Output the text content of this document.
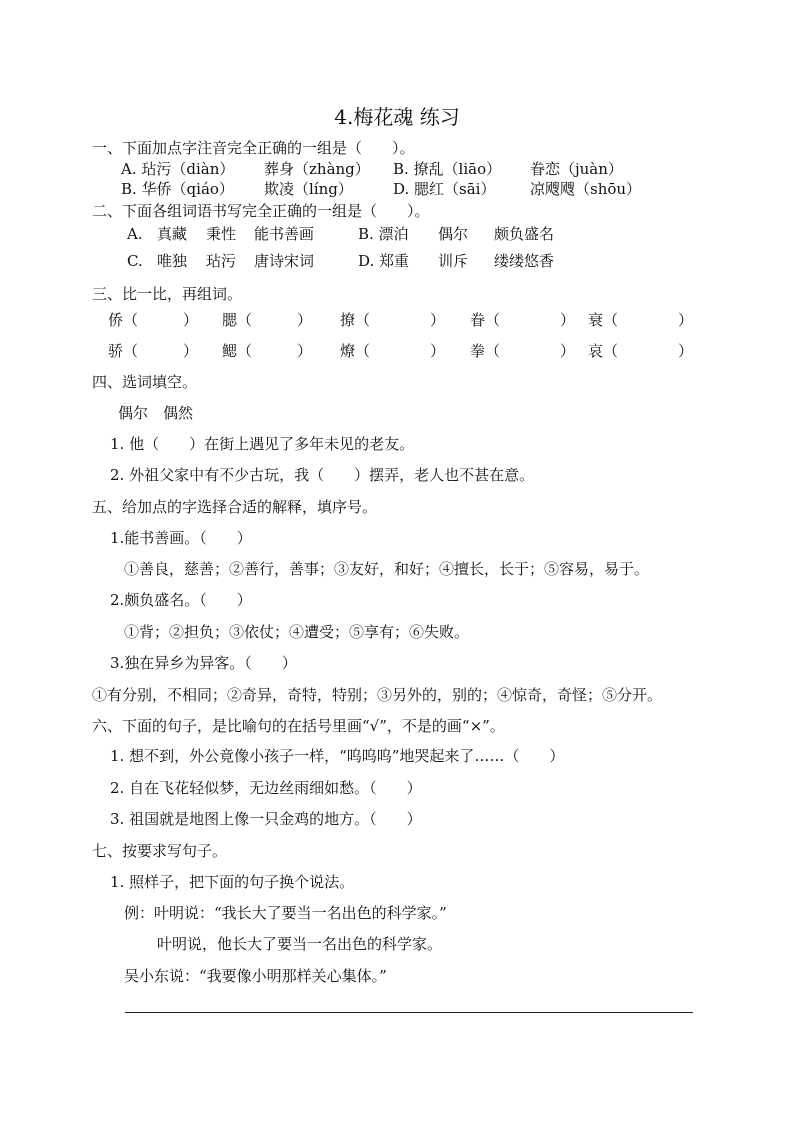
4.梅花魂 练习
一、下面加点字注音完全正确的一组是（　　）。
A. 玷污（diàn） 葬身（zhàng） B. 撩乱（liāo） 眷恋（juàn）
B. 华侨（qiáo） 欺凌（líng）	D. 腮红（sāi） 凉飕飕（shōu）
二、下面各组词语书写完全正确的一组是（　　）。
A. 真藏 秉性 能书善画	B. 漂泊 偶尔 颇负盛名
C. 唯独 玷污 唐诗宋词	D. 郑重 训斥 缕缕悠香
三、比一比，再组词。
侨（　　　） 腮（　　　） 撩（　　　　） 眷（　　　　） 衰（　　　　）
骄（　　　） 鳃（　　　） 燎（　　　　） 拳（　　　　） 哀（　　　　）
四、选词填空。
偶尔　偶然
1. 他（　　）在街上遇见了多年未见的老友。
2. 外祖父家中有不少古玩，我（　　）摆弄，老人也不甚在意。
五、给加点的字选择合适的解释，填序号。
1.能书善画。（　　）
①善良，慈善；②善行，善事；③友好，和好；④擅长，长于；⑤容易，易于。
2.颇负盛名。（　　）
①背；②担负；③依仗；④遭受；⑤享有；⑥失败。
3.独在异乡为异客。（　　）
①有分别，不相同；②奇异，奇特，特别；③另外的，别的；④惊奇，奇怪；⑤分开。
六、下面的句子，是比喻句的在括号里画“√”，不是的画“×”。
1. 想不到，外公竟像小孩子一样，“呜呜呜”地哭起来了……（　　）
2. 自在飞花轻似梦，无边丝雨细如愁。（　　）
3. 祖国就是地图上像一只金鸡的地方。（　　）
七、按要求写句子。
1. 照样子，把下面的句子换个说法。
例：叶明说：“我长大了要当一名出色的科学家。”
叶明说，他长大了要当一名出色的科学家。
吴小东说：“我要像小明那样关心集体。”
